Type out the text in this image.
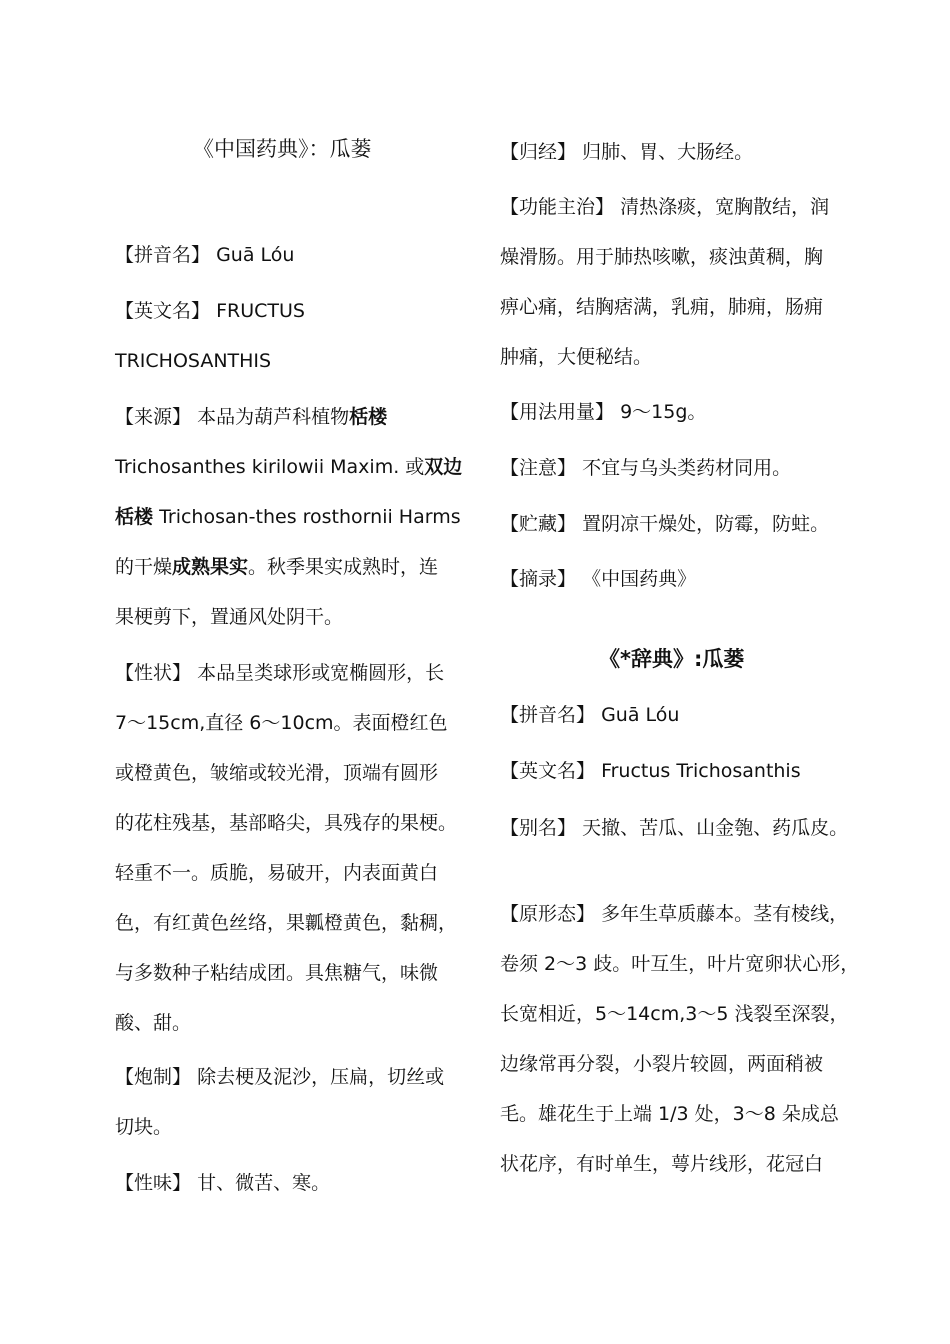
《中国药典》：瓜蒌
【拼音名】 Guā Lóu
【英文名】 FRUCTUS
TRICHOSANTHIS
【来源】 本品为葫芦科植物栝楼
Trichosanthes kirilowii Maxim. 或双边
栝楼 Trichosan-thes rosthornii Harms
的干燥成熟果实。秋季果实成熟时，连
果梗剪下，置通风处阴干。
【性状】 本品呈类球形或宽椭圆形，长
7～15cm,直径 6～10cm。表面橙红色
或橙黄色，皱缩或较光滑，顶端有圆形
的花柱残基，基部略尖，具残存的果梗。
轻重不一。质脆，易破开，内表面黄白
色，有红黄色丝络，果瓤橙黄色，黏稠，
与多数种子粘结成团。具焦糖气，味微
酸、甜。
【炮制】 除去梗及泥沙，压扁，切丝或
切块。
【性味】 甘、微苦、寒。
【归经】 归肺、胃、大肠经。
【功能主治】 清热涤痰，宽胸散结，润
燥滑肠。用于肺热咳嗽，痰浊黄稠，胸
痹心痛，结胸痞满，乳痈，肺痈，肠痈
肿痛，大便秘结。
【用法用量】 9～15g。
【注意】 不宜与乌头类药材同用。
【贮藏】 置阴凉干燥处，防霉，防蛀。
【摘录】 《中国药典》
《*辞典》:瓜蒌
【拼音名】 Guā Lóu
【英文名】 Fructus Trichosanthis
【别名】 天撤、苦瓜、山金匏、药瓜皮。
【原形态】 多年生草质藤本。茎有棱线，
卷须 2～3 歧。叶互生，叶片宽卵状心形，
长宽相近，5～14cm,3～5 浅裂至深裂，
边缘常再分裂，小裂片较圆，两面稍被
毛。雄花生于上端 1/3 处，3～8 朵成总
状花序，有时单生，萼片线形，花冠白
